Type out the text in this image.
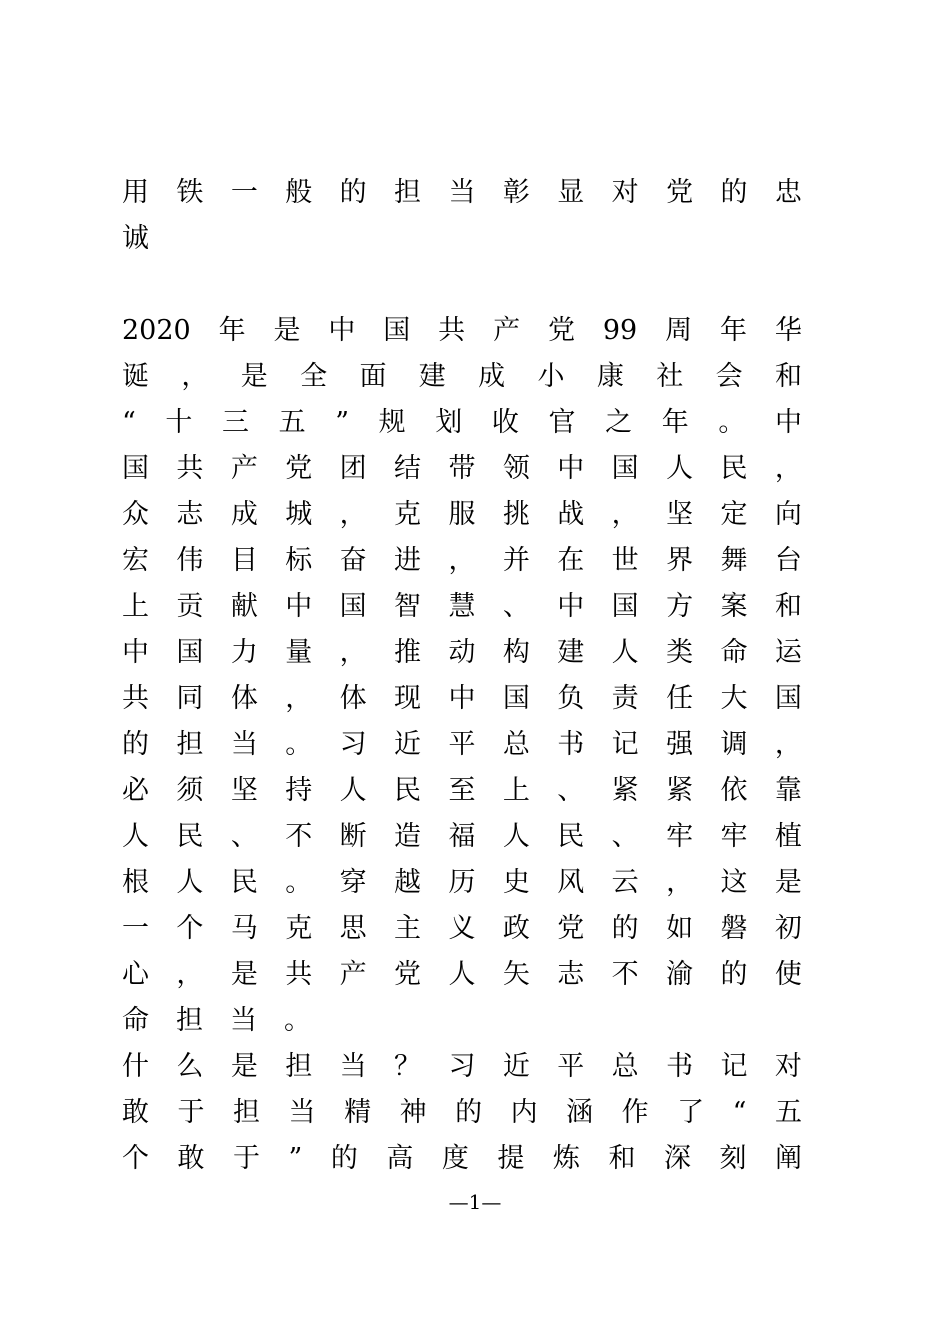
用 铁 一 般 的 担 当 彰 显 对 党 的 忠
诚
2020 年 是 中 国 共 产 党 99 周 年 华
诞 ， 是 全 面 建 成 小 康 社 会 和
“ 十 三 五 ” 规 划 收 官 之 年 。 中
国 共 产 党 团 结 带 领 中 国 人 民 ，
众 志 成 城 ， 克 服 挑 战 ， 坚 定 向
宏 伟 目 标 奋 进 ， 并 在 世 界 舞 台
上 贡 献 中 国 智 慧 、 中 国 方 案 和
中 国 力 量 ， 推 动 构 建 人 类 命 运
共 同 体 ， 体 现 中 国 负 责 任 大 国
的 担 当 。 习 近 平 总 书 记 强 调 ，
必 须 坚 持 人 民 至 上 、 紧 紧 依 靠
人 民 、 不 断 造 福 人 民 、 牢 牢 植
根 人 民 。 穿 越 历 史 风 云 ， 这 是
一 个 马 克 思 主 义 政 党 的 如 磐 初
心 ， 是 共 产 党 人 矢 志 不 渝 的 使
命 担 当 。
什 么 是 担 当 ？ 习 近 平 总 书 记 对
敢 于 担 当 精 神 的 内 涵 作 了 “ 五
个 敢 于 ” 的 高 度 提 炼 和 深 刻 阐
—1—
